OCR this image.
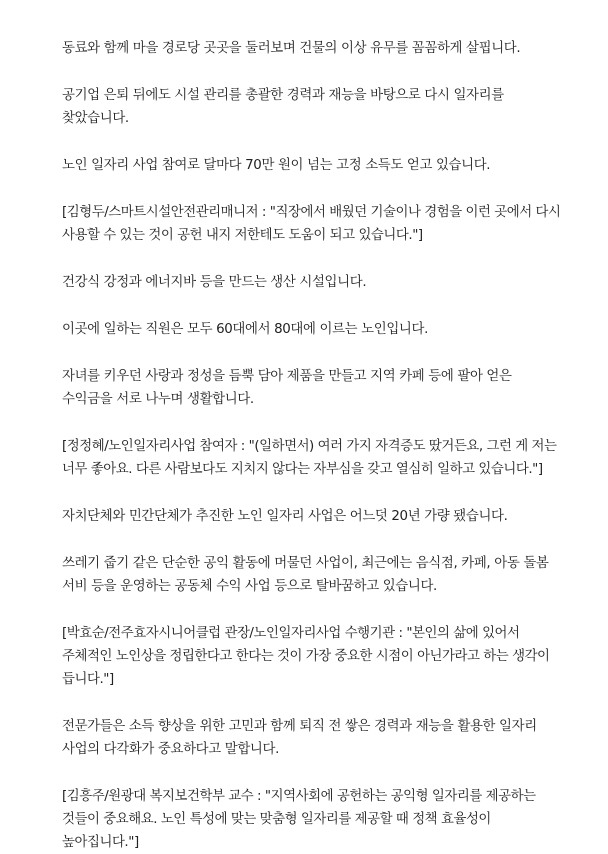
동료와 함께 마을 경로당 곳곳을 둘러보며 건물의 이상 유무를 꼼꼼하게 살핍니다.

공기업 은퇴 뒤에도 시설 관리를 총괄한 경력과 재능을 바탕으로 다시 일자리를 찾았습니다.

노인 일자리 사업 참여로 달마다 70만 원이 넘는 고정 소득도 얻고 있습니다.

[김형두/스마트시설안전관리매니저 : "직장에서 배웠던 기술이나 경험을 이런 곳에서 다시 사용할 수 있는 것이 공헌 내지 저한테도 도움이 되고 있습니다."]

건강식 강정과 에너지바 등을 만드는 생산 시설입니다.

이곳에 일하는 직원은 모두 60대에서 80대에 이르는 노인입니다.

자녀를 키우던 사랑과 정성을 듬뿍 담아 제품을 만들고 지역 카페 등에 팔아 얻은 수익금을 서로 나누며 생활합니다.

[정정혜/노인일자리사업 참여자 : "(일하면서) 여러 가지 자격증도 땄거든요, 그런 게 저는 너무 좋아요. 다른 사람보다도 지치지 않다는 자부심을 갖고 열심히 일하고 있습니다."]

자치단체와 민간단체가 추진한 노인 일자리 사업은 어느덧 20년 가량 됐습니다.

쓰레기 줍기 같은 단순한 공익 활동에 머물던 사업이, 최근에는 음식점, 카페, 아동 돌봄 서비 등을 운영하는 공동체 수익 사업 등으로 탈바꿈하고 있습니다.

[박효순/전주효자시니어클럽 관장/노인일자리사업 수행기관 : "본인의 삶에 있어서 주체적인 노인상을 정립한다고 한다는 것이 가장 중요한 시점이 아닌가라고 하는 생각이 듭니다."]

전문가들은 소득 향상을 위한 고민과 함께 퇴직 전 쌓은 경력과 재능을 활용한 일자리 사업의 다각화가 중요하다고 말합니다.

[김흥주/원광대 복지보건학부 교수 : "지역사회에 공헌하는 공익형 일자리를 제공하는 것들이 중요해요. 노인 특성에 맞는 맞춤형 일자리를 제공할 때 정책 효율성이 높아집니다."]
